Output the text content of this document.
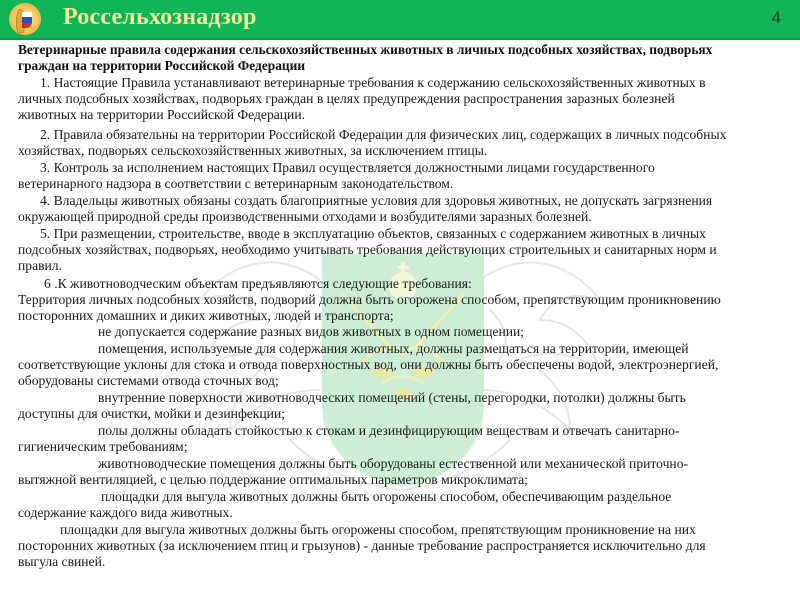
Россельхознадзор	4
Ветеринарные правила содержания сельскохозяйственных животных в личных подсобных хозяйствах, подворьях
граждан на территории Российской Федерации
1. Настоящие Правила устанавливают ветеринарные требования к содержанию сельскохозяйственных животных в
личных подсобных хозяйствах, подворьях граждан в целях предупреждения распространения заразных болезней
животных на территории Российской Федерации.
2. Правила обязательны на территории Российской Федерации для физических лиц, содержащих в личных подсобных
хозяйствах, подворьях сельскохозяйственных животных, за исключением птицы.
3. Контроль за исполнением настоящих Правил осуществляется должностными лицами государственного
ветеринарного надзора в соответствии с ветеринарным законодательством.
4. Владельцы животных обязаны создать благоприятные условия для здоровья животных, не допускать загрязнения
окружающей природной среды производственными отходами и возбудителями заразных болезней.
5. При размещении, строительстве, вводе в эксплуатацию объектов, связанных с содержанием животных в личных
подсобных хозяйствах, подворьях, необходимо учитывать требования действующих строительных и санитарных норм и
правил.
6 .К животноводческим объектам предъявляются следующие требования:
Территория личных подсобных хозяйств, подворий должна быть огорожена способом, препятствующим проникновению
посторонних домашних и диких животных, людей и транспорта;
не допускается содержание разных видов животных в одном помещении;
помещения, используемые для содержания животных, должны размещаться на территории, имеющей
соответствующие уклоны для стока и отвода поверхностных вод, они должны быть обеспечены водой, электроэнергией,
оборудованы системами отвода сточных вод;
внутренние поверхности животноводческих помещений (стены, перегородки, потолки) должны быть
доступны для очистки, мойки и дезинфекции;
полы должны обладать стойкостью к стокам и дезинфицирующим веществам и отвечать санитарно-
гигиеническим требованиям;
животноводческие помещения должны быть оборудованы естественной или механической приточно-
вытяжной вентиляцией, с целью поддержание оптимальных параметров микроклимата;
площадки для выгула животных должны быть огорожены способом, обеспечивающим раздельное
содержание каждого вида животных.
площадки для выгула животных должны быть огорожены способом, препятствующим проникновение на них
посторонних животных (за исключением птиц и грызунов) - данные требование распространяется исключительно для
выгула свиней.
